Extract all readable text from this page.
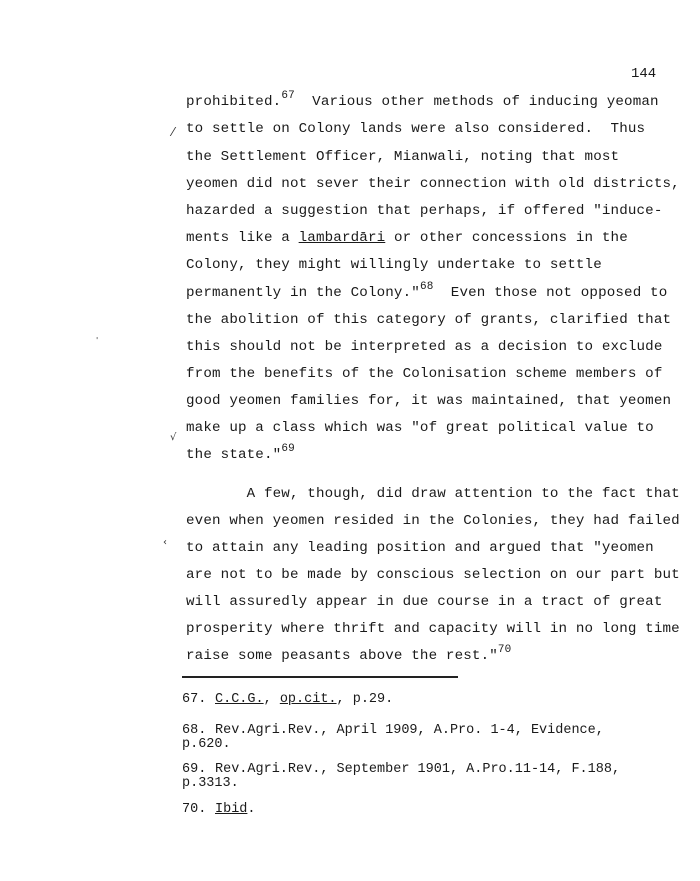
144
prohibited.$^{67}$  Various other methods of inducing yeoman
to settle on Colony lands were also considered.  Thus
the Settlement Officer, Mianwali, noting that most
yeomen did not sever their connection with old districts,
hazarded a suggestion that perhaps, if offered "induce-
ments like a lambardāri or other concessions in the
Colony, they might willingly undertake to settle
permanently in the Colony."$^{68}$  Even those not opposed to
the abolition of this category of grants, clarified that
this should not be interpreted as a decision to exclude
from the benefits of the Colonisation scheme members of
good yeomen families for, it was maintained, that yeomen
make up a class which was "of great political value to
the state."$^{69}$
A few, though, did draw attention to the fact that
even when yeomen resided in the Colonies, they had failed
to attain any leading position and argued that "yeomen
are not to be made by conscious selection on our part but
will assuredly appear in due course in a tract of great
prosperity where thrift and capacity will in no long time
raise some peasants above the rest."$^{70}$
⁄
'
√
‹
67. C.C.G., op.cit., p.29.
68. Rev.Agri.Rev., April 1909, A.Pro. 1-4, Evidence,
p.620.
69. Rev.Agri.Rev., September 1901, A.Pro.11-14, F.188,
p.3313.
70. Ibid.
